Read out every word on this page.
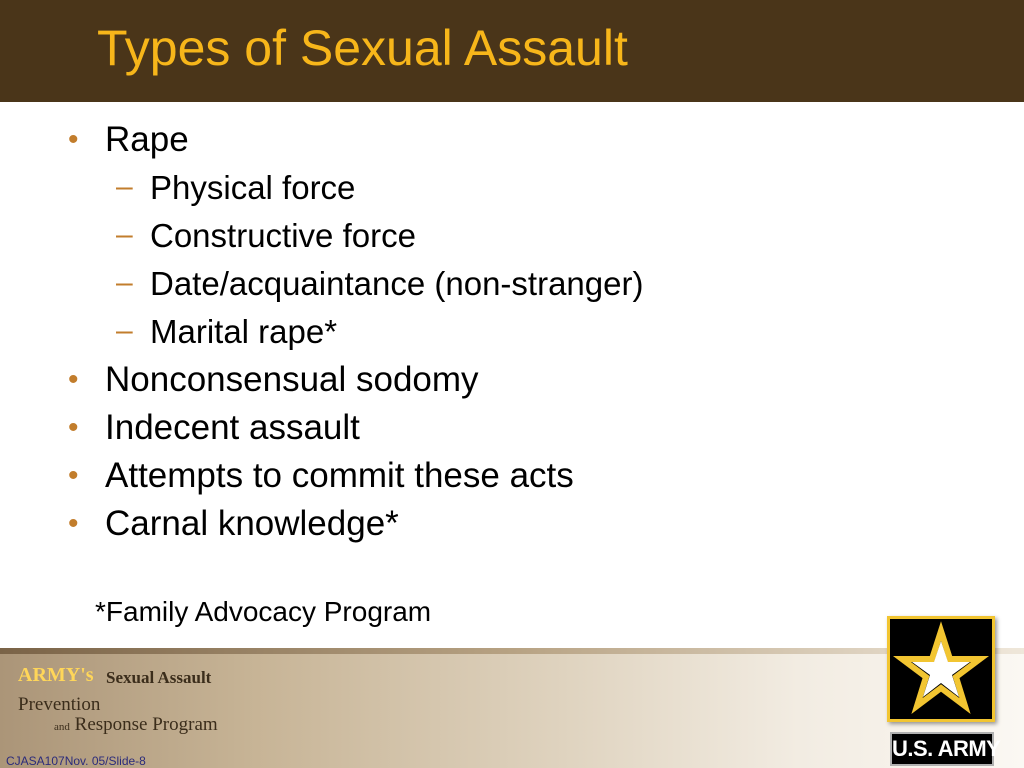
Types of Sexual Assault
• Rape
– Physical force
– Constructive force
– Date/acquaintance (non-stranger)
– Marital rape*
• Nonconsensual sodomy
• Indecent assault
• Attempts to commit these acts
• Carnal knowledge*
*Family Advocacy Program
ARMY's Sexual Assault
Prevention
and Response Program
CJASA107Nov. 05/Slide-8	U.S. ARMY
